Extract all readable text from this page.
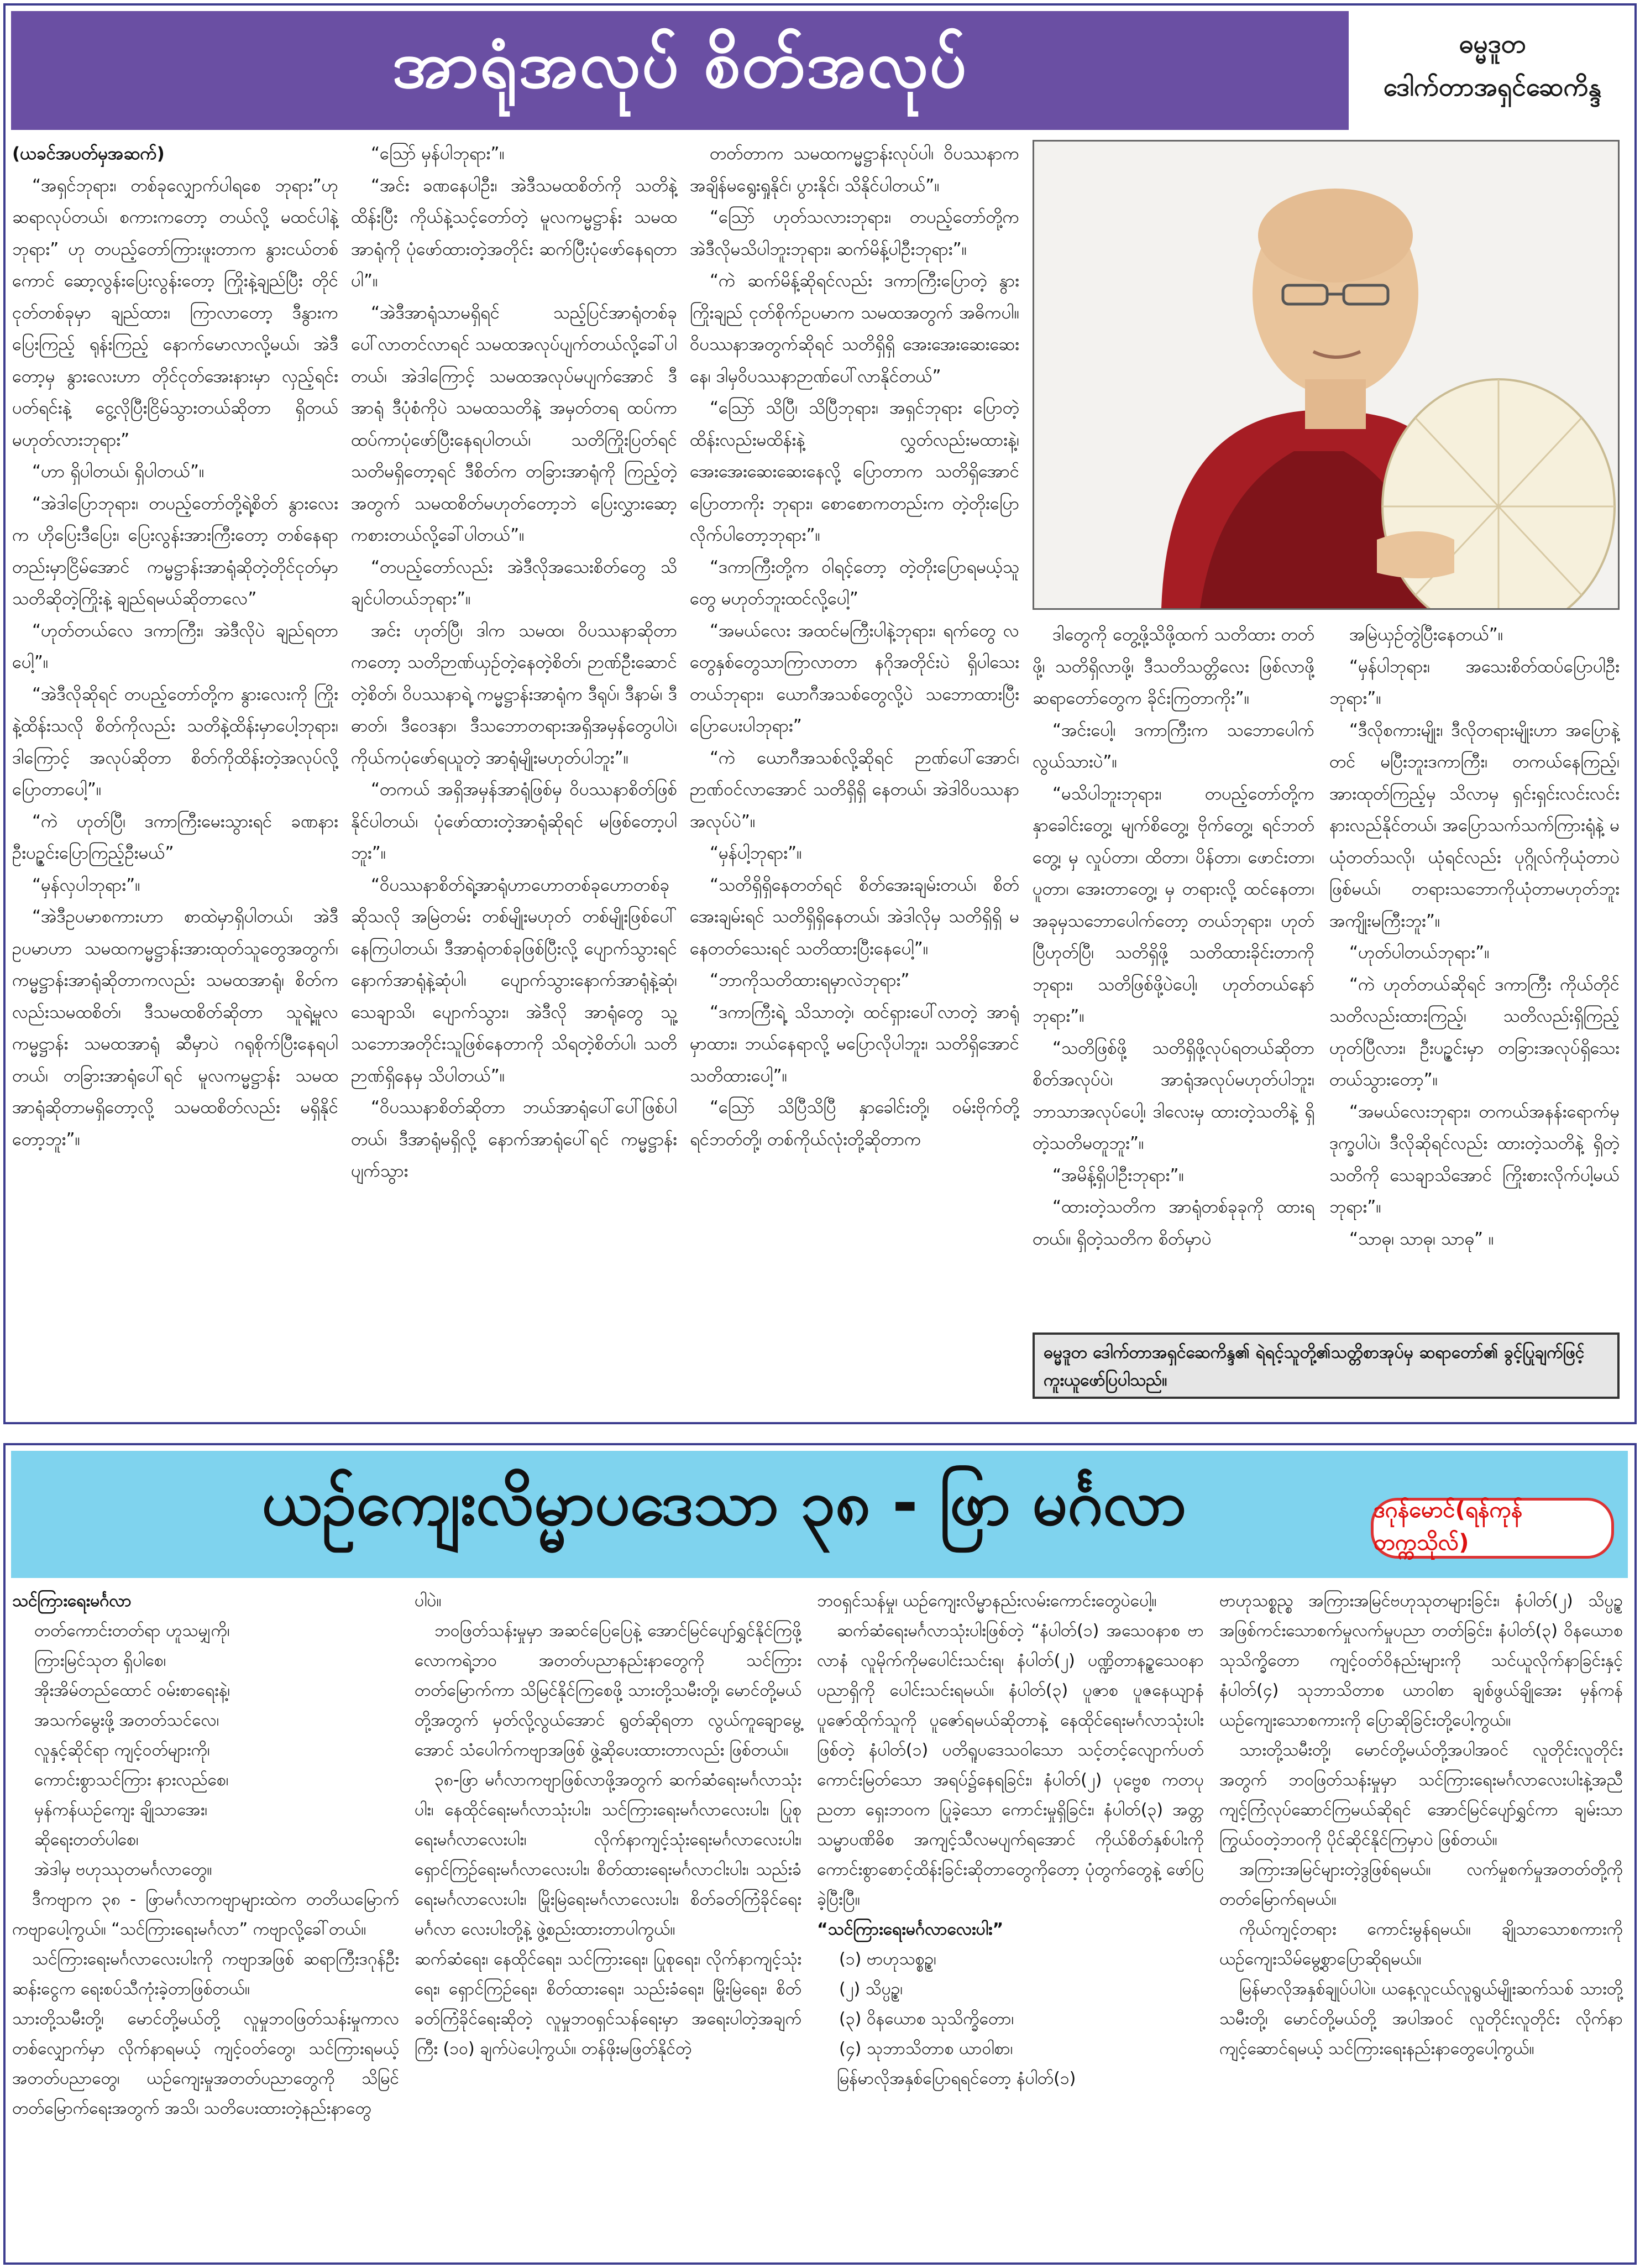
အာရုံအလုပ် စိတ်အလုပ်	ဓမ္မဒူတ
ဒေါက်တာအရှင်ဆေကိန္ဒ

(ယခင်အပတ်မှအဆက်)

“အရှင်ဘုရား၊ တစ်ခုလျှောက်ပါရစေ ဘုရား”ဟု ဆရာလုပ်တယ်၊ စကားကတော့ တယ်လို့ မထင်ပါနဲ့ဘုရား” ဟု တပည့်တော်ကြားဖူးတာက နွားငယ်တစ်ကောင် ဆော့လွန်းပြေးလွန်းတော့ ကြိုးနဲ့ချည်ပြီး တိုင်ငုတ်တစ်ခုမှာ ချည်ထား၊ ကြာလာတော့ ဒီနွားက ပြေးကြည့် ရုန်းကြည့် နောက်မောလာလို့မယ်၊ အဲဒီတော့မှ နွားလေးဟာ တိုင်ငုတ်အေးနားမှာ လှည့်ရင်းပတ်ရင်းနဲ့ ငွေ့လိုပြီးငြိမ်သွားတယ်ဆိုတာ ရှိတယ် မဟုတ်လားဘုရား”

“ဟာ ရှိပါတယ်၊ ရှိပါတယ်”။

“အဲဒါပြောဘုရား၊ တပည့်တော်တို့ရဲ့စိတ် နွားလေးက ဟိုပြေးဒီပြေး၊ ပြေးလွန်းအားကြီးတော့ တစ်နေရာတည်းမှာငြိမ်အောင် ကမ္မဋ္ဌာန်းအာရုံဆိုတဲ့တိုင်ငုတ်မှာ သတိဆိုတဲ့ကြိုးနဲ့ ချည်ရမယ်ဆိုတာလေ”

“ဟုတ်တယ်လေ ဒကာကြီး၊ အဲဒီလိုပဲ ချည်ရတာပေါ့”။

“အဲဒီလိုဆိုရင် တပည့်တော်တို့က နွားလေးကို ကြိုးနဲ့ထိန်းသလို စိတ်ကိုလည်း သတိနဲ့ထိန်းမှာပေါ့ဘုရား၊ ဒါကြောင့် အလုပ်ဆိုတာ စိတ်ကိုထိန်းတဲ့အလုပ်လို့ပြောတာပေါ့”။

“ကဲ ဟုတ်ပြီ၊ ဒကာကြီးမေးသွားရင် ခဏနား ဦးပဉ္ဇင်းပြောကြည့်ဦးမယ်”

“မှန်လှပါဘုရား”။

“အဲဒီဥပမာစကားဟာ စာထဲမှာရှိပါတယ်၊ အဲဒီဥပမာဟာ သမထကမ္မဋ္ဌာန်းအားထုတ်သူတွေအတွက်၊ ကမ္မဋ္ဌာန်းအာရုံဆိုတာကလည်း သမထအာရုံ၊ စိတ်ကလည်းသမထစိတ်၊ ဒီသမထစိတ်ဆိုတာ သူရဲ့မူလကမ္မဋ္ဌာန်း သမထအာရုံ ဆီမှာပဲ ဂရုစိုက်ပြီးနေရပါတယ်၊ တခြားအာရုံပေါ်ရင် မူလကမ္မဋ္ဌာန်း သမထအာရုံဆိုတာမရှိတော့လို့ သမထစိတ်လည်း မရှိနိုင်တော့ဘူး”။

“ဩော် မှန်ပါဘုရား”။

“အင်း ခဏနေပါဦး၊ အဲဒီသမထစိတ်ကို သတိနဲ့ထိန်းပြီး ကိုယ်နဲ့သင့်တော်တဲ့ မူလကမ္မဋ္ဌာန်း သမထအာရုံကို ပုံဖော်ထားတဲ့အတိုင်း ဆက်ပြီးပုံဖော်နေရတာပါ”။

“အဲဒီအာရုံသာမရှိရင် သည့်ပြင်အာရုံတစ်ခုပေါ်လာတင်လာရင် သမထအလုပ်ပျက်တယ်လို့ခေါ်ပါတယ်၊ အဲဒါကြောင့် သမထအလုပ်မပျက်အောင် ဒီအာရုံ ဒီပုံစံကိုပဲ သမထသတိနဲ့ အမှတ်တရ ထပ်ကာထပ်ကာပုံဖော်ပြီးနေရပါတယ်၊ သတိကြိုးပြတ်ရင် သတိမရှိတော့ရင် ဒီစိတ်က တခြားအာရုံကို ကြည့်တဲ့အတွက် သမထစိတ်မဟုတ်တော့ဘဲ ပြေးလွှားဆော့ကစားတယ်လို့ခေါ်ပါတယ်”။

“တပည့်တော်လည်း အဲဒီလိုအသေးစိတ်တွေ သိချင်ပါတယ်ဘုရား”။

အင်း ဟုတ်ပြီ၊ ဒါက သမထ၊ ဝိပဿနာဆိုတာကတော့ သတိဉာဏ်ယှဉ်တဲ့နေတဲ့စိတ်၊ ဉာဏ်ဦးဆောင်တဲ့စိတ်၊ ဝိပဿနာရဲ့ ကမ္မဋ္ဌာန်းအာရုံက ဒီရုပ်၊ ဒီနာမ်၊ ဒီဓာတ်၊ ဒီဝေဒနာ၊ ဒီသဘောတရားအရှိအမှန်တွေပါပဲ၊ ကိုယ်ကပုံဖော်ရယူတဲ့ အာရုံမျိုးမဟုတ်ပါဘူး”။

“တကယ် အရှိအမှန်အာရုံဖြစ်မှ ဝိပဿနာစိတ်ဖြစ်နိုင်ပါတယ်၊ ပုံဖော်ထားတဲ့အာရုံဆိုရင် မဖြစ်တော့ပါဘူး”။

“ဝိပဿနာစိတ်ရဲ့အာရုံဟာဟောတစ်ခုဟောတစ်ခုဆိုသလို အမြဲတမ်း တစ်မျိုးမဟုတ် တစ်မျိုးဖြစ်ပေါ်နေကြပါတယ်၊ ဒီအာရုံတစ်ခုဖြစ်ပြီးလို့ ပျောက်သွားရင် နောက်အာရုံနဲ့ဆုံပါ၊ ပျောက်သွားနောက်အာရုံနဲ့ဆုံ၊ သေချာသိ၊ ပျောက်သွား၊ အဲဒီလို အာရုံတွေ သူ့သဘောအတိုင်းသူဖြစ်နေတာကို သိရတဲ့စိတ်ပါ၊ သတိဉာဏ်ရှိနေမှ သိပါတယ်”။

“ဝိပဿနာစိတ်ဆိုတာ ဘယ်အာရုံပေါ်ပေါ်ဖြစ်ပါတယ်၊ ဒီအာရုံမရှိလို့ နောက်အာရုံပေါ်ရင် ကမ္မဋ္ဌာန်းပျက်သွား

တတ်တာက သမထကမ္မဋ္ဌာန်းလုပ်ပါ၊ ဝိပဿနာက အချိန်မရွေးရှုနိုင်၊ ပွားနိုင်၊ သိနိုင်ပါတယ်”။

“ဩော် ဟုတ်သလားဘုရား၊ တပည့်တော်တို့က အဲဒီလိုမသိပါဘူးဘုရား၊ ဆက်မိန့်ပါဦးဘုရား”။

“ကဲ ဆက်မိန့်ဆိုရင်လည်း ဒကာကြီးပြောတဲ့ နွားကြိုးချည် ငုတ်စိုက်ဥပမာက သမထအတွက် အဓိကပါ။ ဝိပဿနာအတွက်ဆိုရင် သတိရှိရှိ အေးအေးဆေးဆေးနေ၊ ဒါမှဝိပဿနာဉာဏ်ပေါ်လာနိုင်တယ်”

“ဩော် သိပြီ၊ သိပြီဘုရား၊ အရှင်ဘုရား ပြောတဲ့ ထိန်းလည်းမထိန်းနဲ့ လွှတ်လည်းမထားနဲ့၊ အေးအေးဆေးဆေးနေလို့ ပြောတာက သတိရှိအောင်ပြောတာကိုး ဘုရား၊ စောစောကတည်းက တဲ့တိုးပြောလိုက်ပါတော့ဘုရား”။

“ဒကာကြီးတို့က ဝါရင့်တော့ တဲ့တိုးပြောရမယ့်သူတွေ မဟုတ်ဘူးထင်လို့ပေါ့”

“အမယ်လေး အထင်မကြီးပါနဲ့ဘုရား၊ ရက်တွေ လတွေနှစ်တွေသာကြာလာတာ နဂိုအတိုင်းပဲ ရှိပါသေးတယ်ဘုရား၊ ယောဂီအသစ်တွေလို့ပဲ သဘောထားပြီး ပြောပေးပါဘုရား”

“ကဲ ယောဂီအသစ်လို့ဆိုရင် ဉာဏ်ပေါ်အောင်၊ ဉာဏ်ဝင်လာအောင် သတိရှိရှိ နေတယ်၊ အဲဒါဝိပဿနာအလုပ်ပဲ”။

“မှန်ပါ့ဘုရား”။

“သတိရှိရှိနေတတ်ရင် စိတ်အေးချမ်းတယ်၊ စိတ်အေးချမ်းရင် သတိရှိရှိနေတယ်၊ အဲဒါလိုမှ သတိရှိရှိ မနေတတ်သေးရင် သတိထားပြီးနေပေါ့”။

“ဘာကိုသတိထားရမှာလဲဘုရား”

“ဒကာကြီးရဲ့ သိသာတဲ့၊ ထင်ရှားပေါ်လာတဲ့ အာရုံမှာထား၊ ဘယ်နေရာလို့ မပြောလိုပါဘူး၊ သတိရှိအောင် သတိထားပေါ့”။

“ဩော် သိပြီသိပြီ နှာခေါင်းတို့၊ ဝမ်းဗိုက်တို့ ရင်ဘတ်တို့၊ တစ်ကိုယ်လုံးတို့ဆိုတာက

ဒါတွေကို တွေ့ဖို့သိဖို့ထက် သတိထား တတ်ဖို့၊ သတိရှိလာဖို့၊ ဒီသတိသတ္တိလေး ဖြစ်လာဖို့ ဆရာတော်တွေက ခိုင်းကြတာကိုး”။

“အင်းပေါ့၊ ဒကာကြီးက သဘောပေါက်လွယ်သားပဲ”။

“မသိပါဘူးဘုရား၊ တပည့်တော်တို့က နှာခေါင်းတွေ့၊ မျက်စိတွေ့၊ ဗိုက်တွေ့၊ ရင်ဘတ်တွေ့၊ မှ လှုပ်တာ၊ ထိတာ၊ ပိန်တာ၊ ဖောင်းတာ၊ ပူတာ၊ အေးတာတွေ့၊ မှ တရားလို့ ထင်နေတာ၊ အခုမှသဘောပေါက်တော့ တယ်ဘုရား၊ ဟုတ်ပြီဟုတ်ပြီ၊ သတိရှိဖို့ သတိထားခိုင်းတာကိုဘုရား၊ သတိဖြစ်ဖို့ပဲပေါ့၊ ဟုတ်တယ်နော်ဘုရား”။

“သတိဖြစ်ဖို့ သတိရှိဖို့လုပ်ရတယ်ဆိုတာ စိတ်အလုပ်ပဲ၊ အာရုံအလုပ်မဟုတ်ပါဘူး၊ ဘာသာအလုပ်ပေါ့၊ ဒါလေးမှ ထားတဲ့သတိနဲ့ ရှိတဲ့သတိမတူဘူး”။

“အမိန့်ရှိပါဦးဘုရား”။

“ထားတဲ့သတိက အာရုံတစ်ခုခုကို ထားရတယ်။ ရှိတဲ့သတိက စိတ်မှာပဲ

အမြဲယှဉ်တွဲပြီးနေတယ်”။

“မှန်ပါဘုရား၊ အသေးစိတ်ထပ်ပြောပါဦးဘုရား”။

“ဒီလိုစကားမျိုး၊ ဒီလိုတရားမျိုးဟာ အပြောနဲ့တင် မပြီးဘူးဒကာကြီး၊ တကယ်နေကြည့်၊ အားထုတ်ကြည့်မှ သိလာမှ ရှင်းရှင်းလင်းလင်းနားလည်နိုင်တယ်၊ အပြောသက်သက်ကြားရုံနဲ့ မယုံတတ်သလို၊ ယုံရင်လည်း ပုဂ္ဂိုလ်ကိုယုံတာပဲဖြစ်မယ်၊ တရားသဘောကိုယုံတာမဟုတ်ဘူး အကျိုးမကြီးဘူး”။

“ဟုတ်ပါတယ်ဘုရား”။

“ကဲ ဟုတ်တယ်ဆိုရင် ဒကာကြီး ကိုယ်တိုင်သတိလည်းထားကြည့်၊ သတိလည်းရှိကြည့် ဟုတ်ပြီလား၊ ဦးပဉ္ဇင်းမှာ တခြားအလုပ်ရှိသေးတယ်သွားတော့”။

“အမယ်လေးဘုရား၊ တကယ်အနန်းရောက်မှ ဒုက္ခပါပဲ၊ ဒီလိုဆိုရင်လည်း ထားတဲ့သတိနဲ့ ရှိတဲ့သတိကို သေချာသိအောင် ကြိုးစားလိုက်ပါ့မယ်ဘုရား”။

“သာဓု၊ သာဓု၊ သာဓု” ။

ဓမ္မဒူတ ဒေါက်တာအရှင်ဆေကိန္ဒ၏ ရဲရင့်သူတို့၏သတ္တိစာအုပ်မှ ဆရာတော်၏ ခွင့်ပြုချက်ဖြင့် ကူးယူဖော်ပြပါသည်။
ယဉ်ကျေးလိမ္မာပဒေသာ ၃၈ - ဖြာ မင်္ဂလာ	ဒဂုန်မောင်(ရန်ကုန်တက္ကသိုလ်)

သင်ကြားရေးမင်္ဂလာ

တတ်ကောင်းတတ်ရာ ဟူသမျှကို၊

ကြားမြင်သုတ ရှိပါစေ၊

အိုးအိမ်တည်ထောင် ဝမ်းစာရေးနဲ့၊

အသက်မွေးဖို့ အတတ်သင်လေ၊

လူနှင့်ဆိုင်ရာ ကျင့်ဝတ်များကို၊

ကောင်းစွာသင်ကြား နားလည်စေ၊

မှန်ကန်ယဉ်ကျေး ချိုသာအေး၊

ဆိုရေးတတ်ပါစေ၊

အဲဒါမှ ဗဟုဿုတမင်္ဂလာတွေ။

ဒီကဗျာက ၃၈ - ဖြာမင်္ဂလာကဗျာများထဲက တတိယမြောက်ကဗျာပေါ့ကွယ်။ “သင်ကြားရေးမင်္ဂလာ” ကဗျာလို့ခေါ်တယ်။

သင်ကြားရေးမင်္ဂလာလေးပါးကို ကဗျာအဖြစ် ဆရာကြီးဒဂုန်ဦးဆန်းငွေက ရေးစပ်သီကုံးခဲ့တာဖြစ်တယ်။

သားတို့သမီးတို့၊ မောင်တို့မယ်တို့ လူမှုဘဝဖြတ်သန်းမှုကာလတစ်လျှောက်မှာ လိုက်နာရမယ့် ကျင့်ဝတ်တွေ၊ သင်ကြားရမယ့်အတတ်ပညာတွေ၊ ယဉ်ကျေးမှုအတတ်ပညာတွေကို သိမြင်တတ်မြောက်ရေးအတွက် အသိ၊ သတိပေးထားတဲ့နည်းနာတွေ

ပါပဲ။

ဘဝဖြတ်သန်းမှုမှာ အဆင်ပြေပြေနဲ့ အောင်မြင်ပျော်ရွှင်နိုင်ကြဖို့ လောကရဲ့ဘဝ အတတ်ပညာနည်းနာတွေကို သင်ကြားတတ်မြောက်ကာ သိမြင်နိုင်ကြစေဖို့ သားတို့သမီးတို့၊ မောင်တို့မယ်တို့အတွက် မှတ်လို့လွယ်အောင် ရွတ်ဆိုရတာ လွယ်ကူချောမွေ့အောင် သံပေါက်ကဗျာအဖြစ် ဖွဲ့ဆိုပေးထားတာလည်း ဖြစ်တယ်။

၃၈-ဖြာ မင်္ဂလာကဗျာဖြစ်လာဖို့အတွက် ဆက်ဆံရေးမင်္ဂလာသုံးပါး၊ နေထိုင်ရေးမင်္ဂလာသုံးပါး၊ သင်ကြားရေးမင်္ဂလာလေးပါး၊ ပြုစုရေးမင်္ဂလာလေးပါး၊ လိုက်နာကျင့်သုံးရေးမင်္ဂလာလေးပါး၊ ရှောင်ကြဉ်ရေးမင်္ဂလာလေးပါး၊ စိတ်ထားရေးမင်္ဂလာငါးပါး၊ သည်းခံရေးမင်္ဂလာလေးပါး၊ မြိုးမြဲရေးမင်္ဂလာလေးပါး၊ စိတ်ခတ်ကြံခိုင်ရေးမင်္ဂလာ လေးပါးတို့နဲ့ ဖွဲ့စည်းထားတာပါကွယ်။

ဆက်ဆံရေး၊ နေထိုင်ရေး၊ သင်ကြားရေး၊ ပြုစုရေး၊ လိုက်နာကျင့်သုံးရေး၊ ရှောင်ကြဉ်ရေး၊ စိတ်ထားရေး၊ သည်းခံရေး၊ မြိုးမြဲရေး၊ စိတ်ခတ်ကြံခိုင်ရေးဆိုတဲ့ လူမှုဘဝရှင်သန်ရေးမှာ အရေးပါတဲ့အချက်ကြီး (၁၀) ချက်ပဲပေါ့ကွယ်။ တန်ဖိုးမဖြတ်နိုင်တဲ့

ဘဝရှင်သန်မှု၊ ယဉ်ကျေးလိမ္မာနည်းလမ်းကောင်းတွေပဲပေါ့။

ဆက်ဆံရေးမင်္ဂလာသုံးပါးဖြစ်တဲ့ “နံပါတ်(၁) အသေဝနာစ ဗာလာနံ လူမိုက်ကိုမပေါင်းသင်းရ၊ နံပါတ်(၂) ပဏ္ဍိတာနဉ္စသေဝနာ ပညာရှိကို ပေါင်းသင်းရမယ်။ နံပါတ်(၃) ပူဇာစ ပူဇနေယျာနံ ပူဇော်ထိုက်သူကို ပူဇော်ရမယ်ဆိုတာနဲ့ နေထိုင်ရေးမင်္ဂလာသုံးပါးဖြစ်တဲ့ နံပါတ်(၁) ပတိရူပဒေသဝါသော သင့်တင့်လျောက်ပတ် ကောင်းမြတ်သော အရပ်၌နေရခြင်း၊ နံပါတ်(၂) ပုဗ္ဗေစ ကတပုညတာ ရှေးဘဝက ပြုခဲ့သော ကောင်းမှုရှိခြင်း၊ နံပါတ်(၃) အတ္တသမ္မာပဏိဓိစ အကျင့်သီလမပျက်ရအောင် ကိုယ်စိတ်နှစ်ပါးကို ကောင်းစွာစောင့်ထိန်းခြင်းဆိုတာတွေကိုတော့ ပုံတွက်တွေနဲ့ ဖော်ပြခဲ့ပြီးပြီ။

“သင်ကြားရေးမင်္ဂလာလေးပါး”

(၁) ဗာဟုသစ္စဉ္စ၊

(၂) သိပ္ပဉ္စ၊

(၃) ဝိနယောစ သုသိက္ခိတော၊

(၄) သုဘာသိတာစ ယာဝါစာ၊

မြန်မာလိုအနှစ်ပြောရရင်တော့ နံပါတ်(၁)

ဗာဟုသစ္စည္စ အကြားအမြင်ဗဟုသုတများခြင်း၊ နံပါတ်(၂) သိပ္ပဉ္စအဖြစ်ကင်းသောစက်မှုလက်မှုပညာ တတ်ခြင်း၊ နံပါတ်(၃) ဝိနယောစ သုသိက္ခိတော ကျင့်ဝတ်ဝိနည်းများကို သင်ယူလိုက်နာခြင်းနှင့် နံပါတ်(၄) သုဘာသိတာစ ယာဝါစာ ချစ်ဖွယ်ချိုအေး မှန်ကန်ယဉ်ကျေးသောစကားကို ပြောဆိုခြင်းတို့ပေါ့ကွယ်။

သားတို့သမီးတို့၊ မောင်တို့မယ်တို့အပါအဝင် လူတိုင်းလူတိုင်းအတွက် ဘဝဖြတ်သန်းမှုမှာ သင်ကြားရေးမင်္ဂလာလေးပါးနဲ့အညီ ကျင့်ကြံလုပ်ဆောင်ကြမယ်ဆိုရင် အောင်မြင်ပျော်ရွှင်ကာ ချမ်းသာကြွယ်ဝတဲ့ဘဝကို ပိုင်ဆိုင်နိုင်ကြမှာပဲ ဖြစ်တယ်။

အကြားအမြင်များတဲ့ဒွဖြစ်ရမယ်။ လက်မှုစက်မှုအတတ်တို့ကို တတ်မြောက်ရမယ်။

ကိုယ်ကျင့်တရား ကောင်းမွန်ရမယ်။ ချိုသာသောစကားကို ယဉ်ကျေးသိမ်မွေ့စွာပြောဆိုရမယ်။

မြန်မာလိုအနှစ်ချုပ်ပါပဲ။ ယနေ့လူငယ်လူရွယ်မျိုးဆက်သစ် သားတို့သမီးတို့၊ မောင်တို့မယ်တို့ အပါအဝင် လူတိုင်းလူတိုင်း လိုက်နာကျင့်ဆောင်ရမယ့် သင်ကြားရေးနည်းနာတွေပေါ့ကွယ်။
